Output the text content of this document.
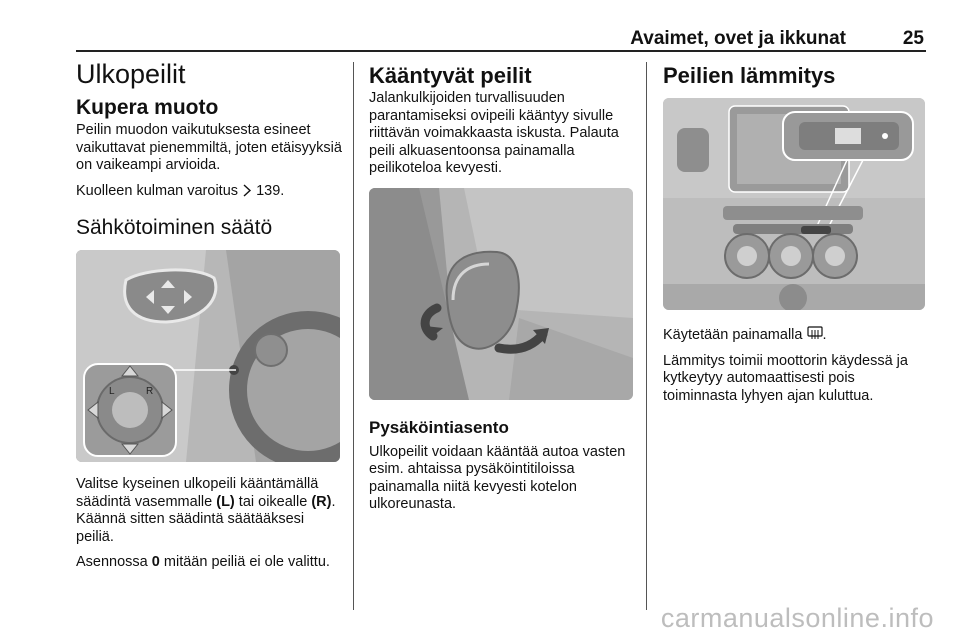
Avaimet, ovet ja ikkunat	25
Ulkopeilit
Kupera muoto

Peilin muodon vaikutuksesta esineet vaikuttavat pienemmiltä, joten etäisyyksiä on vaikeampi arvioida.

Kuolleen kulman varoitus  139.

Sähkötoiminen säätö
L	R

Valitse kyseinen ulkopeili kääntämällä säädintä vasemmalle (L) tai oikealle (R). Käännä sitten säädintä säätääksesi peiliä.

Asennossa 0 mitään peiliä ei ole valittu.

Kääntyvät peilit

Jalankulkijoiden turvallisuuden parantamiseksi ovipeili kääntyy sivulle riittävän voimakkaasta iskusta. Palauta peili alkuasentoonsa painamalla peilikoteloa kevyesti.

Pysäköintiasento

Ulkopeilit voidaan kääntää autoa vasten esim. ahtaissa pysäköintitiloissa painamalla niitä kevyesti kotelon ulkoreunasta.

Peilien lämmitys

Käytetään painamalla .

Lämmitys toimii moottorin käydessä ja kytkeytyy automaattisesti pois toiminnasta lyhyen ajan kuluttua.

carmanualsonline.info
